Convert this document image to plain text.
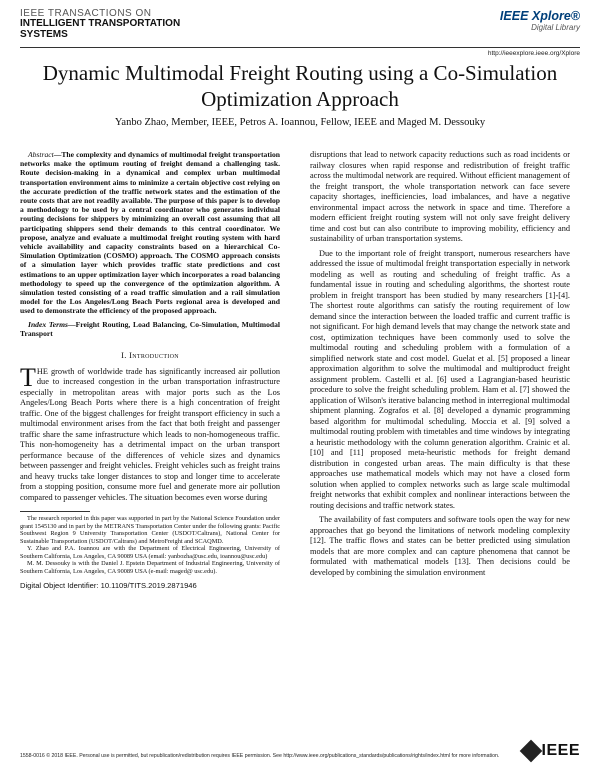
IEEE TRANSACTIONS ON
INTELLIGENT TRANSPORTATION
SYSTEMS
IEEE Xplore®
Digital Library
http://ieeexplore.ieee.org/Xplore
Dynamic Multimodal Freight Routing using a Co-Simulation Optimization Approach
Yanbo Zhao, Member, IEEE, Petros A. Ioannou, Fellow, IEEE and Maged M. Dessouky

Abstract—The complexity and dynamics of multimodal freight transportation networks make the optimum routing of freight demand a challenging task. Route decision-making in a dynamical and complex urban multimodal transportation environment aims to minimize a certain objective cost relying on the accurate prediction of the traffic network states and the estimation of the route costs that are not readily available. The purpose of this paper is to develop a methodology to be used by a central coordinator who generates individual routing decisions for shippers by minimizing an overall cost assuming that all participating shippers send their demands to this central coordinator. We propose, analyze and evaluate a multimodal freight routing system with hard vehicle availability and capacity constraints based on a hierarchical Co-Simulation Optimization (COSMO) approach. The COSMO approach consists of a simulation layer which provides traffic state predictions and cost estimations to an upper optimization layer which incorporates a road balancing methodology to speed up the convergence of the optimization algorithm. A simulation tested consisting of a road traffic simulation and a rail simulation model for the Los Angeles/Long Beach Ports regional area is developed and used to demonstrate the efficiency of the proposed approach.

Index Terms—Freight Routing, Load Balancing, Co-Simulation, Multimodal Transport

I. Introduction

THE growth of worldwide trade has significantly increased air pollution due to increased congestion in the urban transportation infrastructure especially in metropolitan areas with major ports such as the Los Angeles/Long Beach Ports where there is a high concentration of freight traffic. One of the biggest challenges for freight transport efficiency in such a multimodal environment arises from the fact that both freight and passenger traffic share the same infrastructure which leads to non-homogeneous traffic. This non-homogeneity has a detrimental impact on the urban transport performance because of the differences of vehicle sizes and dynamics between passenger and freight vehicles. Freight vehicles such as freight trains and heavy trucks take longer distances to stop and longer time to accelerate from a stopping position, consume more fuel and generate more air pollution compared to passenger vehicles. The situation becomes even worse during

The research reported in this paper was supported in part by the National Science Foundation under grant 1545130 and in part by the METRANS Transportation Center under the following grants: Pacific Southwest Region 9 University Transportation Center (USDOT/Caltrans), National Center for Sustainable Transportation (USDOT/Caltrans) and MetroFreight and SCAQMD.

Y. Zhao and P.A. Ioannou are with the Department of Electrical Engineering, University of Southern California, Los Angeles, CA 90089 USA (email: yanbozha@usc.edu, ioannou@usc.edu)

M. M. Dessouky is with the Daniel J. Epstein Department of Industrial Engineering, University of Southern California, Los Angeles, CA 90089 USA (e-mail: maged@ usc.edu).

Digital Object Identifier: 10.1109/TITS.2019.2871946

disruptions that lead to network capacity reductions such as road incidents or railway closures when rapid response and redistribution of freight traffic across the multimodal network are required. Without efficient management of the freight transport, the whole transportation network can face severe capacity shortages, inefficiencies, load imbalances, and have a negative environmental impact across the network in space and time. Therefore a modern efficient freight routing system will not only save freight delivery time and cost but can also contribute to improving mobility, efficiency and sustainability of urban transportation systems.

Due to the important role of freight transport, numerous researchers have addressed the issue of multimodal freight transportation especially in network modeling as well as routing and scheduling of freight traffic. As a fundamental issue in routing and scheduling algorithms, the shortest route problem in freight transport has been studied by many researchers [1]-[4]. The shortest route algorithms can satisfy the routing requirement of low demand since the interaction between the loaded traffic and current traffic is not significant. For high demand levels that may change the network state and cost, optimization techniques have been commonly used to solve the multimodal routing and scheduling problem with a formulation of a simplified network state and cost model. Guelat et al. [5] proposed a linear approximation algorithm to solve the multimodal and multiproduct freight assignment problem. Castelli et al. [6] used a Lagrangian-based heuristic procedure to solve the freight scheduling problem. Ham et al. [7] showed the application of Wilson's iterative balancing method in interregional multimodal shipment planning. Zografos et al. [8] developed a dynamic programming based algorithm for multimodal scheduling. Moccia et al. [9] solved a multimodal routing problem with timetables and time windows by integrating a heuristic methodology with the column generation algorithm. Crainic et al. [10] and [11] proposed meta-heuristic methods for freight demand distribution in congested urban areas. The main difficulty is that these approaches use mathematical models which may not have a closed form solution when applied to complex networks such as large scale multimodal freight networks that exhibit complex and nonlinear interactions between the routing decisions and traffic network states.

The availability of fast computers and software tools open the way for new approaches that go beyond the limitations of network modeling complexity [12]. The traffic flows and states can be better predicted using simulation models that are more complex and can capture phenomena that cannot be formulated with mathematical models [13]. Then decisions could be developed by combining the simulation environment

1558-0016 © 2018 IEEE. Personal use is permitted, but republication/redistribution requires IEEE permission. See http://www.ieee.org/publications_standards/publications/rights/index.html for more information.	IEEE
